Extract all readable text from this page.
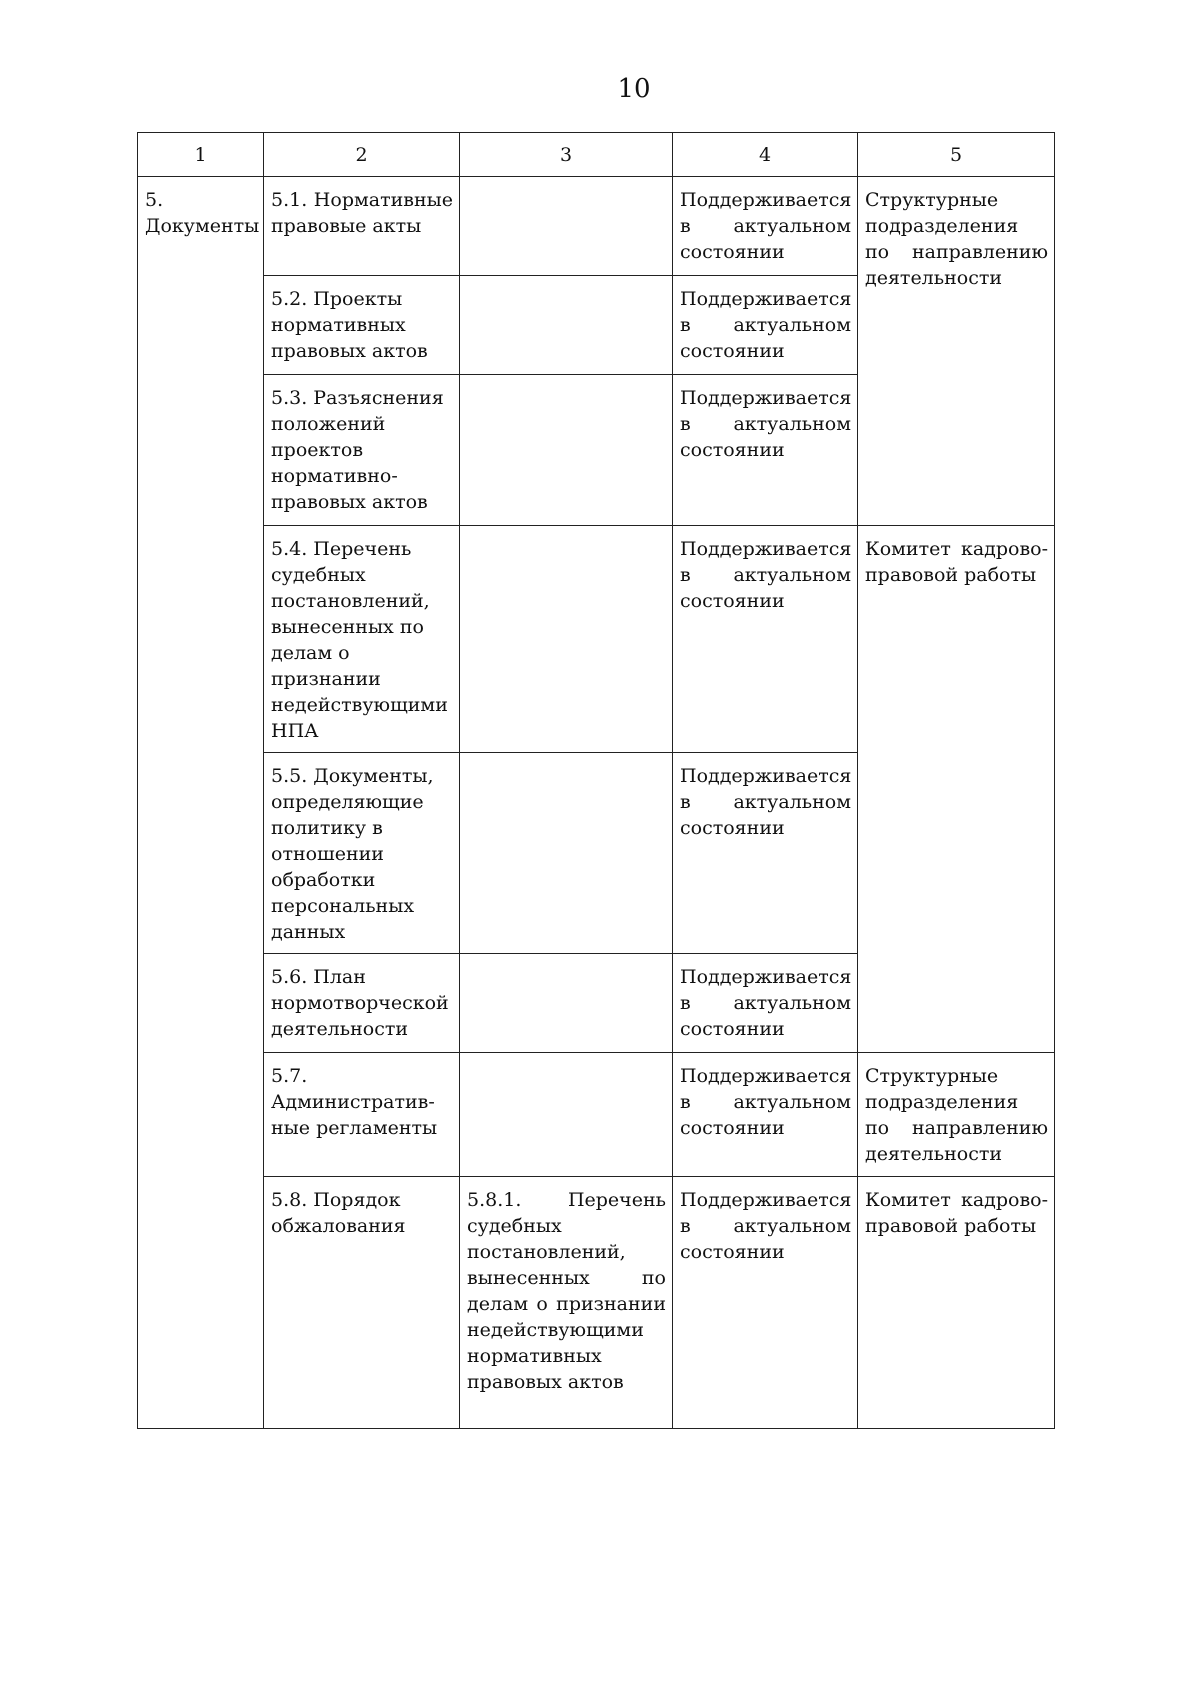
10
1	2	3	4	5

5.
Документы	5.1. Нормативные правовые акты		Поддерживается в актуальном состоянии	Структурные подразделения по направлению деятельности
	5.2. Проекты нормативных правовых актов		Поддерживается в актуальном состоянии	
	5.3. Разъяснения положений проектов нормативно-правовых актов		Поддерживается в актуальном состоянии	
	5.4. Перечень судебных постановлений, вынесенных по делам о признании недействующими НПА		Поддерживается в актуальном состоянии	Комитет кадрово-правовой работы
	5.5. Документы, определяющие политику в отношении обработки персональных данных		Поддерживается в актуальном состоянии	
	5.6. План нормотворческой деятельности		Поддерживается в актуальном состоянии	
	5.7. Административ-ные регламенты		Поддерживается в актуальном состоянии	Структурные подразделения по направлению деятельности
	5.8. Порядок обжалования	5.8.1. Перечень судебных постановлений, вынесенных по делам о признании недействующими нормативных правовых актов	Поддерживается в актуальном состоянии	Комитет кадрово-правовой работы
